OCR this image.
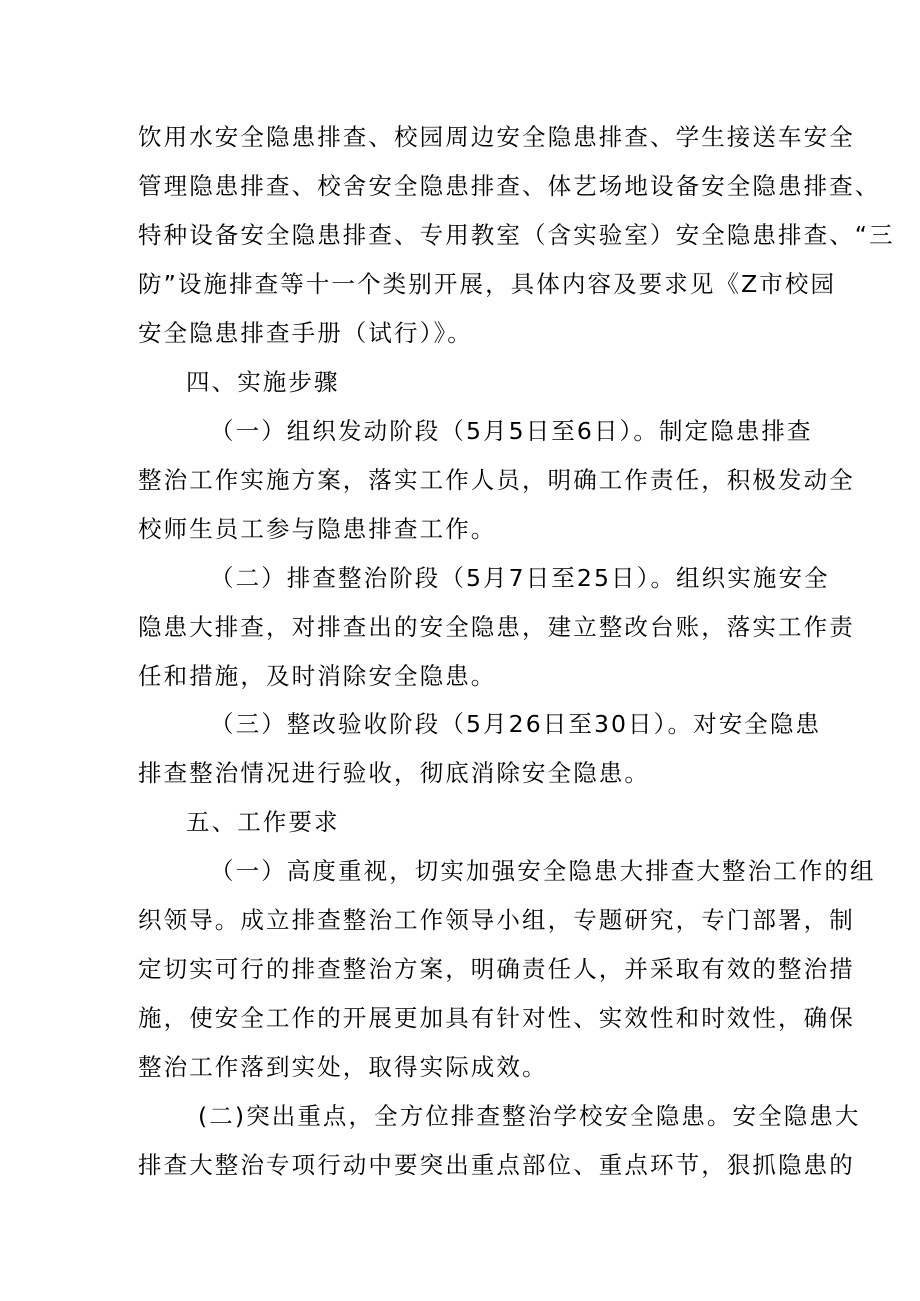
饮用水安全隐患排查、校园周边安全隐患排查、学生接送车安全
管理隐患排查、校舍安全隐患排查、体艺场地设备安全隐患排查、
特种设备安全隐患排查、专用教室（含实验室）安全隐患排查、“三
防”设施排查等十一个类别开展，具体内容及要求见《Z市校园
安全隐患排查手册（试行）》。
四、实施步骤
（一）组织发动阶段（5月5日至6日）。制定隐患排查
整治工作实施方案，落实工作人员，明确工作责任，积极发动全
校师生员工参与隐患排查工作。
（二）排查整治阶段（5月7日至25日）。组织实施安全
隐患大排查，对排查出的安全隐患，建立整改台账，落实工作责
任和措施，及时消除安全隐患。
（三）整改验收阶段（5月26日至30日）。对安全隐患
排查整治情况进行验收，彻底消除安全隐患。
五、工作要求
（一）高度重视，切实加强安全隐患大排查大整治工作的组
织领导。成立排查整治工作领导小组，专题研究，专门部署，制
定切实可行的排查整治方案，明确责任人，并采取有效的整治措
施，使安全工作的开展更加具有针对性、实效性和时效性，确保
整治工作落到实处，取得实际成效。
(二)突出重点，全方位排查整治学校安全隐患。安全隐患大
排查大整治专项行动中要突出重点部位、重点环节，狠抓隐患的
